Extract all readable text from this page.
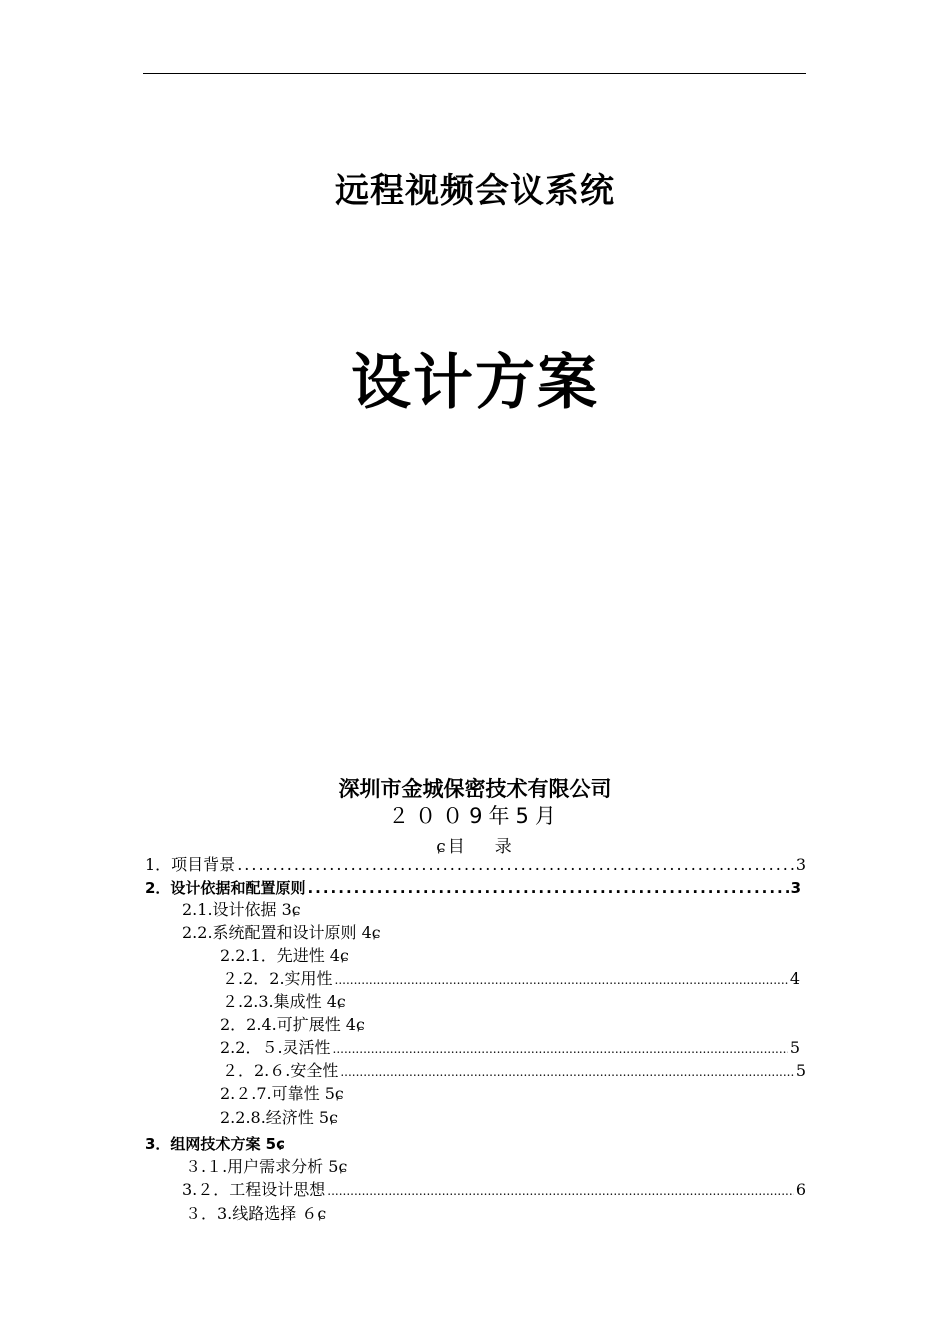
远程视频会议系统
设计方案
深圳市金城保密技术有限公司
２００9年5月
ɕ目 录
1．项目背景 .....	3
2．设计依据和配置原则 .....	3
2.1.设计依据 3ɕ
2.2.系统配置和设计原则 4ɕ
2.2.1．先进性 4ɕ
２.2．2.实用性 .....	4
２.2.3.集成性 4ɕ
2．2.4.可扩展性 4ɕ
2.2．５.灵活性 .....	5
２．2.６.安全性 .....	5
2.２.7.可靠性 5ɕ
2.2.8.经济性 5ɕ
3．组网技术方案 5ɕ
３.１.用户需求分析 5ɕ
3.２．工程设计思想 .....	6
３．3.线路选择 ６ɕ
